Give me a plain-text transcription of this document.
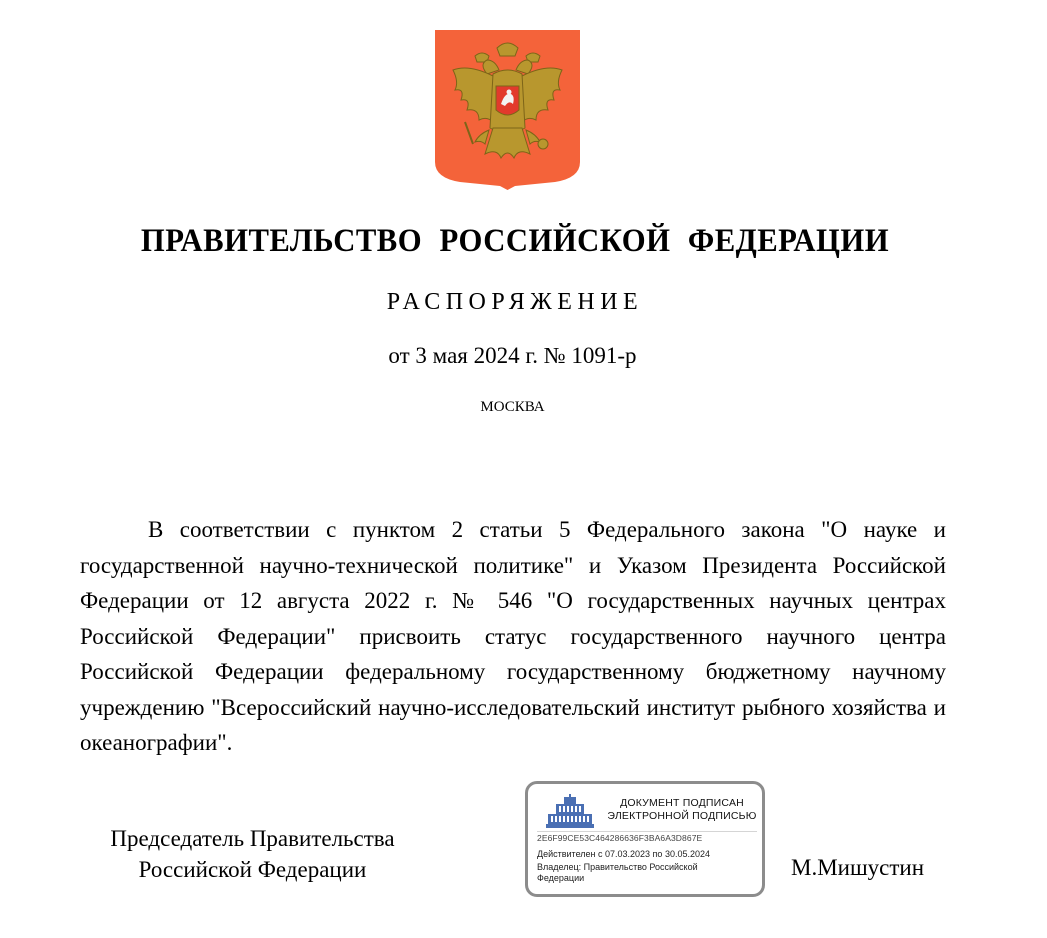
ПРАВИТЕЛЬСТВО РОССИЙСКОЙ ФЕДЕРАЦИИ
РАСПОРЯЖЕНИЕ
от 3 мая 2024 г. № 1091-р
МОСКВА

В соответствии с пунктом 2 статьи 5 Федерального закона "О науке и государственной научно-технической политике" и Указом Президента Российской Федерации от 12 августа 2022 г. № 546 "О государственных научных центрах Российской Федерации" присвоить статус государственного научного центра Российской Федерации федеральному государственному бюджетному научному учреждению "Всероссийский научно-исследовательский институт рыбного хозяйства и океанографии".

Председатель Правительства
Российской Федерации
ДОКУМЕНТ ПОДПИСАН
ЭЛЕКТРОННОЙ ПОДПИСЬЮ
2E6F99CE53C464286636F3BA6A3D867E
Действителен с 07.03.2023 по 30.05.2024
Владелец: Правительство Российской Федерации	М.Мишустин
